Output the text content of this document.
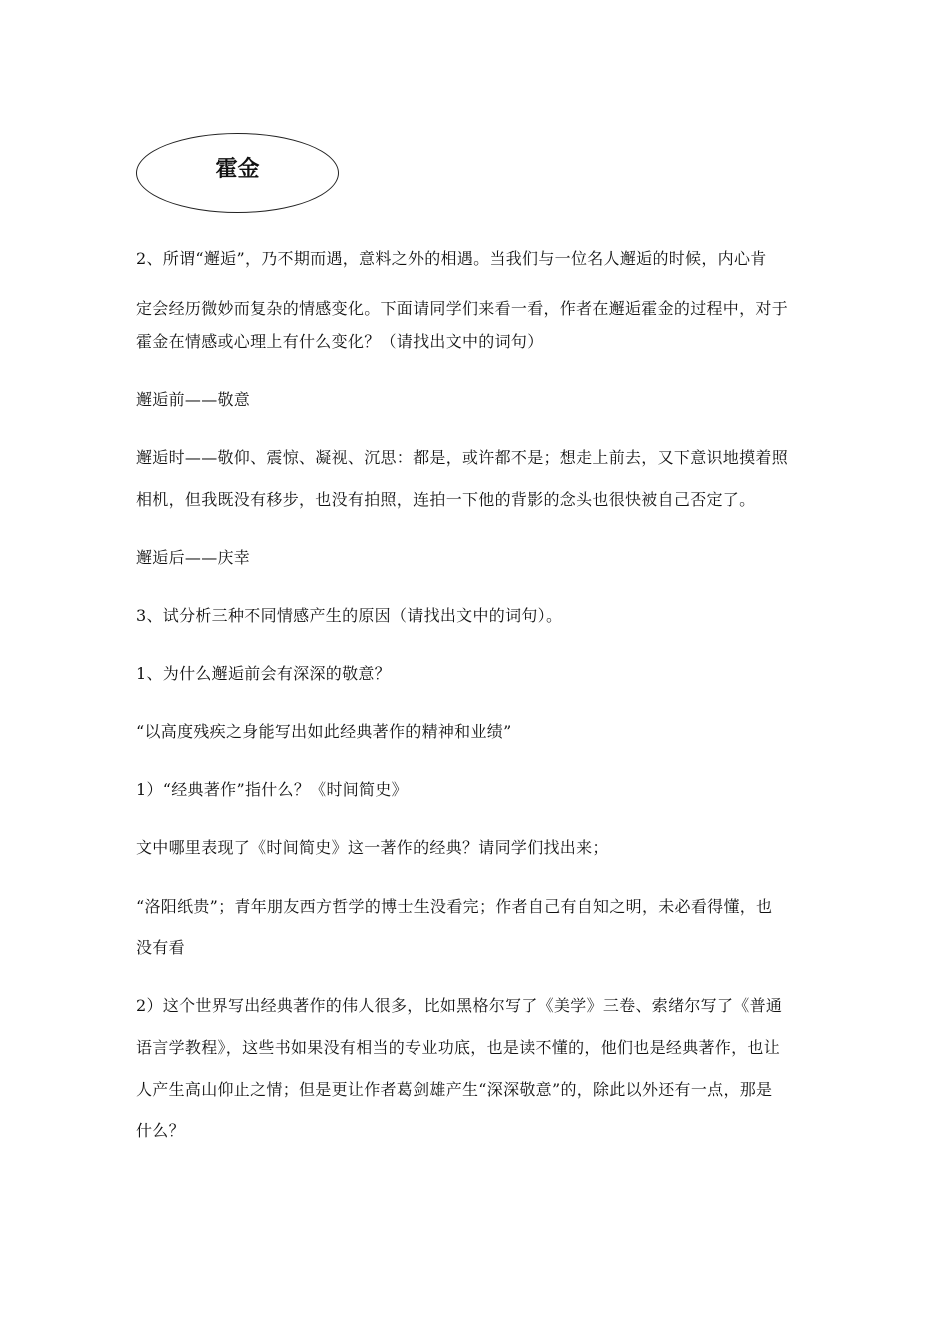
霍金
2、所谓“邂逅”，乃不期而遇，意料之外的相遇。当我们与一位名人邂逅的时候，内心肯
定会经历微妙而复杂的情感变化。下面请同学们来看一看，作者在邂逅霍金的过程中，对于
霍金在情感或心理上有什么变化？（请找出文中的词句）
邂逅前——敬意
邂逅时——敬仰、震惊、凝视、沉思：都是，或许都不是；想走上前去，又下意识地摸着照
相机，但我既没有移步，也没有拍照，连拍一下他的背影的念头也很快被自己否定了。
邂逅后——庆幸
3、试分析三种不同情感产生的原因（请找出文中的词句）。
1、为什么邂逅前会有深深的敬意？
“以高度残疾之身能写出如此经典著作的精神和业绩”
1）“经典著作”指什么？《时间简史》
文中哪里表现了《时间简史》这一著作的经典？请同学们找出来；
“洛阳纸贵”；青年朋友西方哲学的博士生没看完；作者自己有自知之明，未必看得懂，也
没有看
2）这个世界写出经典著作的伟人很多，比如黑格尔写了《美学》三卷、索绪尔写了《普通
语言学教程》，这些书如果没有相当的专业功底，也是读不懂的，他们也是经典著作，也让
人产生高山仰止之情；但是更让作者葛剑雄产生“深深敬意”的，除此以外还有一点，那是
什么？
